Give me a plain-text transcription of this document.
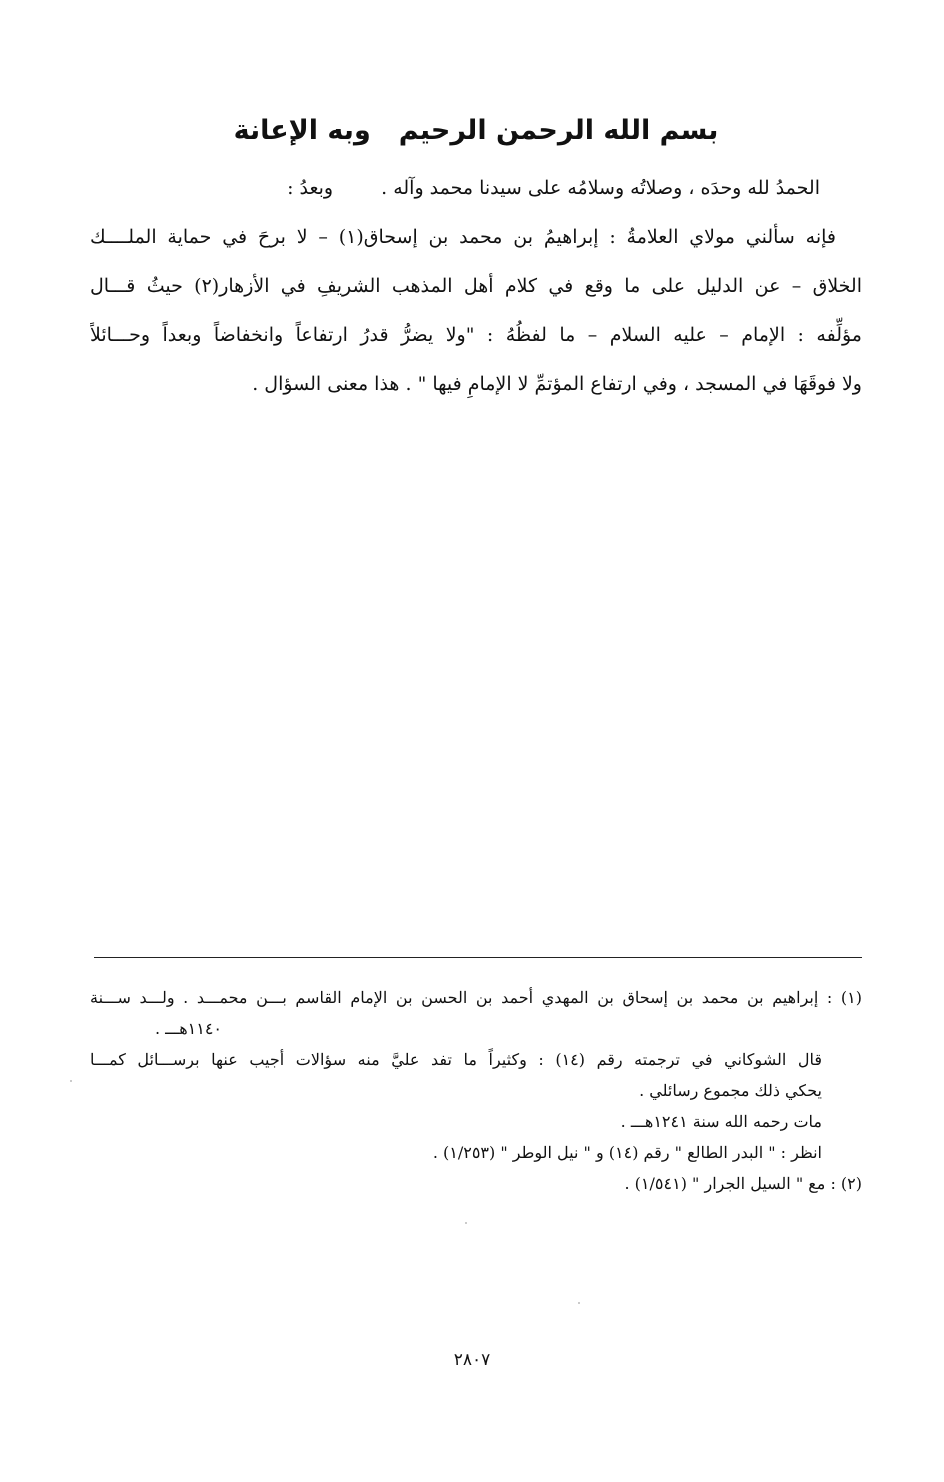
بسم الله الرحمن الرحيموبه الإعانة
الحمدُ لله وحدَه ، وصلاتُه وسلامُه على سيدنا محمد وآله .وبعدُ :
فإنه سألني مولاي العلامةُ : إبراهيمُ بن محمد بن إسحاق(١) – لا برحَ في حماية الملــــك
الخلاق – عن الدليل على ما وقع في كلام أهل المذهب الشريفِ في الأزهار(٢) حيثُ قـــال
مؤلِّفه : الإمام – عليه السلام – ما لفظُهُ : "ولا يضرُّ قدرُ ارتفاعاً وانخفاضاً وبعداً وحـــائلاً
ولا فوقَهَا في المسجد ، وفي ارتفاع المؤتمِّ لا الإمامِ فيها " . هذا معنى السؤال .
(١) : إبراهيم بن محمد بن إسحاق بن المهدي أحمد بن الحسن بن الإمام القاسم بـــن محمـــد . ولـــد ســـنة
١١٤٠هـــ .
قال الشوكاني في ترجمته رقم (١٤) : وكثيراً ما تفد عليَّ منه سؤالات أجيب عنها برســـائل كمـــا
يحكي ذلك مجموع رسائلي .
مات رحمه الله سنة ١٢٤١هـــ .
انظر : " البدر الطالع " رقم (١٤) و " نيل الوطر " (١/٢٥٣) .
(٢) : مع " السيل الجرار " (١/٥٤١) .
٢٨٠٧
